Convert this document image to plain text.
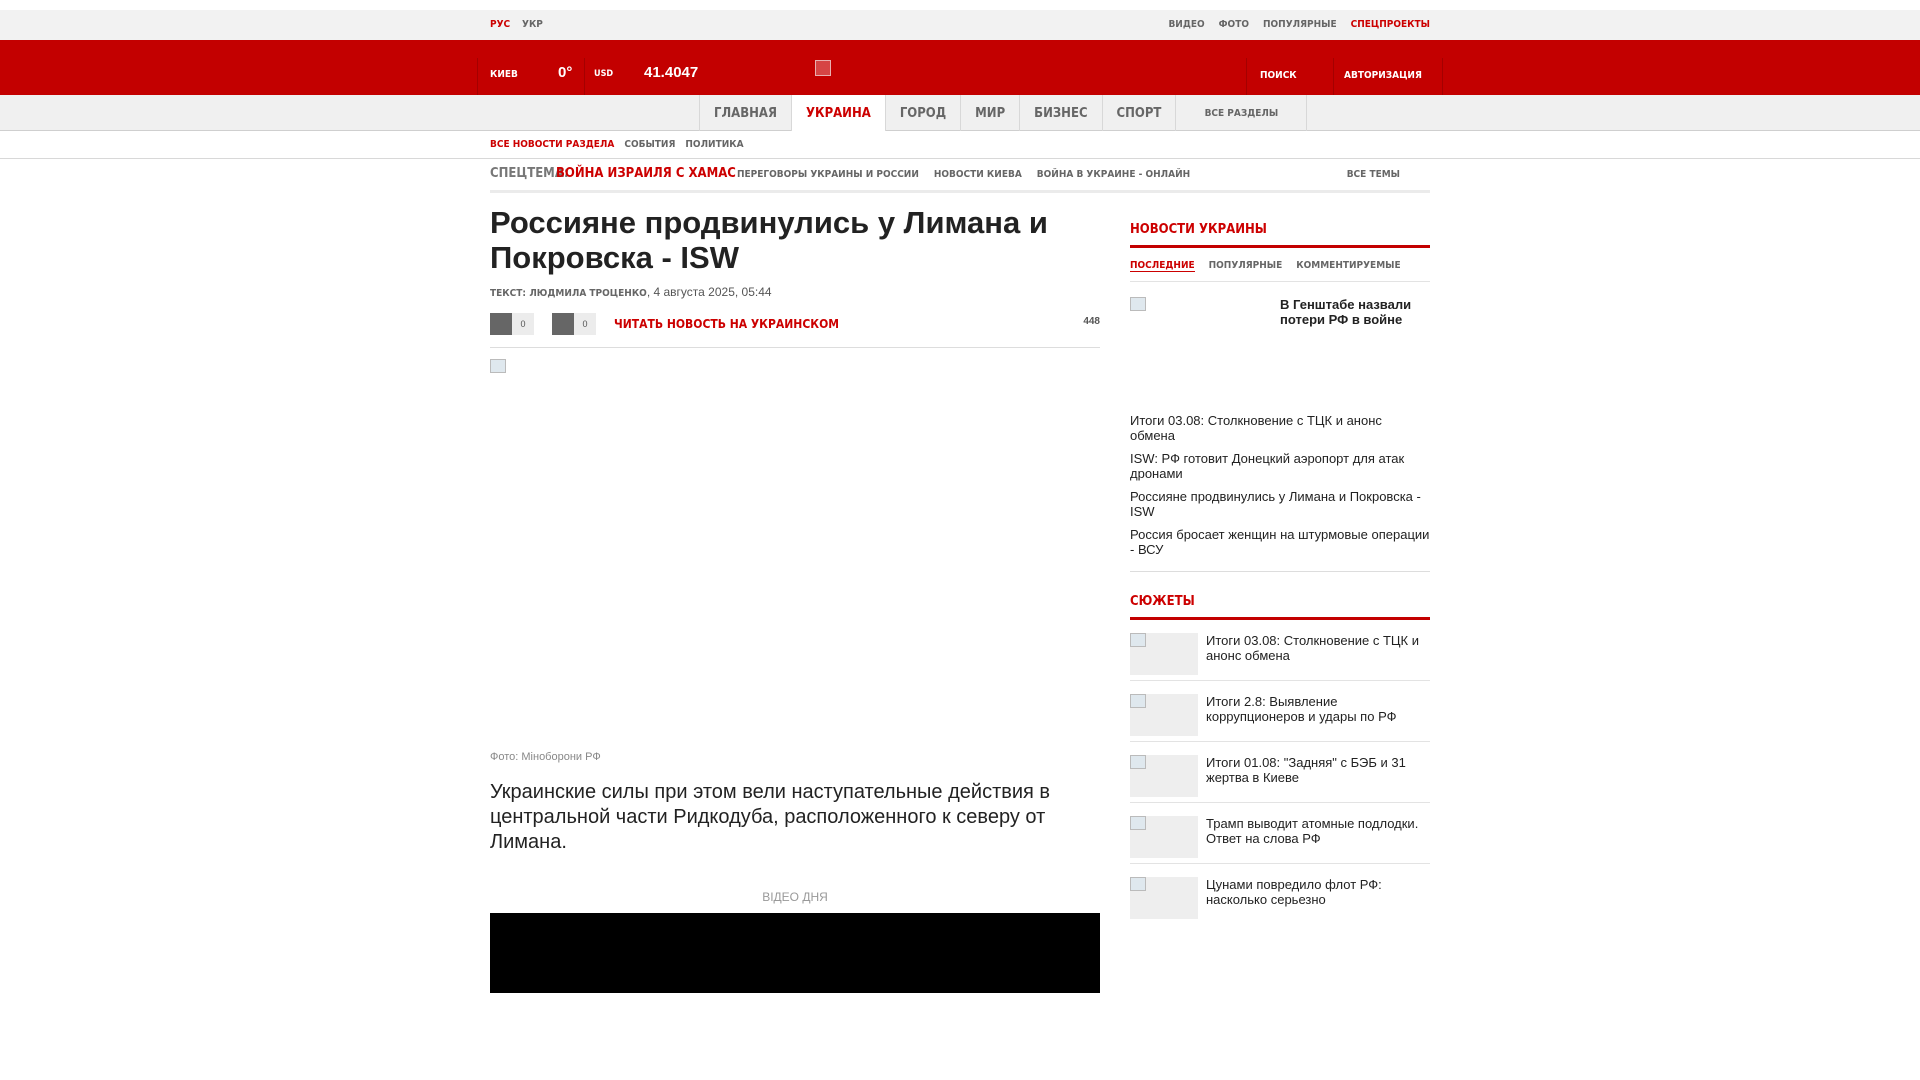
РУС УКР	ВИДЕО ФОТО ПОПУЛЯРНЫЕ СПЕЦПРОЕКТЫ
КИЕВ	0° USD 41.4047	ПОИСК	АВТОРИЗАЦИЯ
ГЛАВНАЯ	УКРАИНА	ГОРОД	МИР	БИЗНЕС	СПОРТ	ВСЕ РАЗДЕЛЫ
ВСЕ НОВОСТИ РАЗДЕЛА СОБЫТИЯ ПОЛИТИКА
СПЕЦТЕМА:
ВОЙНА ИЗРАИЛЯ С ХАМАС ПЕРЕГОВОРЫ УКРАИНЫ И РОССИИ НОВОСТИ КИЕВА ВОЙНА В УКРАИНЕ - ОНЛАЙН	ВСЕ ТЕМЫ
Россияне продвинулись у Лимана и Покровска - ISW
ТЕКСТ: ЛЮДМИЛА ТРОЦЕНКО, 4 августа 2025, 05:44
0	0	ЧИТАТЬ НОВОСТЬ НА УКРАИНСКОМ	448
Фото: Міноборони РФ

Украинские силы при этом вели наступательные действия в центральной части Ридкодуба, расположенного к северу от Лимана.

ВІДЕО ДНЯ
НОВОСТИ УКРАИНЫ
ПОСЛЕДНИЕ ПОПУЛЯРНЫЕ КОММЕНТИРУЕМЫЕ
В Генштабе назвали потери РФ в войне
Итоги 03.08: Столкновение с ТЦК и анонс обмена
ISW: РФ готовит Донецкий аэропорт для атак дронами
Россияне продвинулись у Лимана и Покровска - ISW
Россия бросает женщин на штурмовые операции - ВСУ
СЮЖЕТЫ
Итоги 03.08: Столкновение с ТЦК и анонс обмена
Итоги 2.8: Выявление коррупционеров и удары по РФ
Итоги 01.08: "Задняя" с БЭБ и 31 жертва в Киеве
Трамп выводит атомные подлодки. Ответ на слова РФ
Цунами повредило флот РФ: насколько серьезно
